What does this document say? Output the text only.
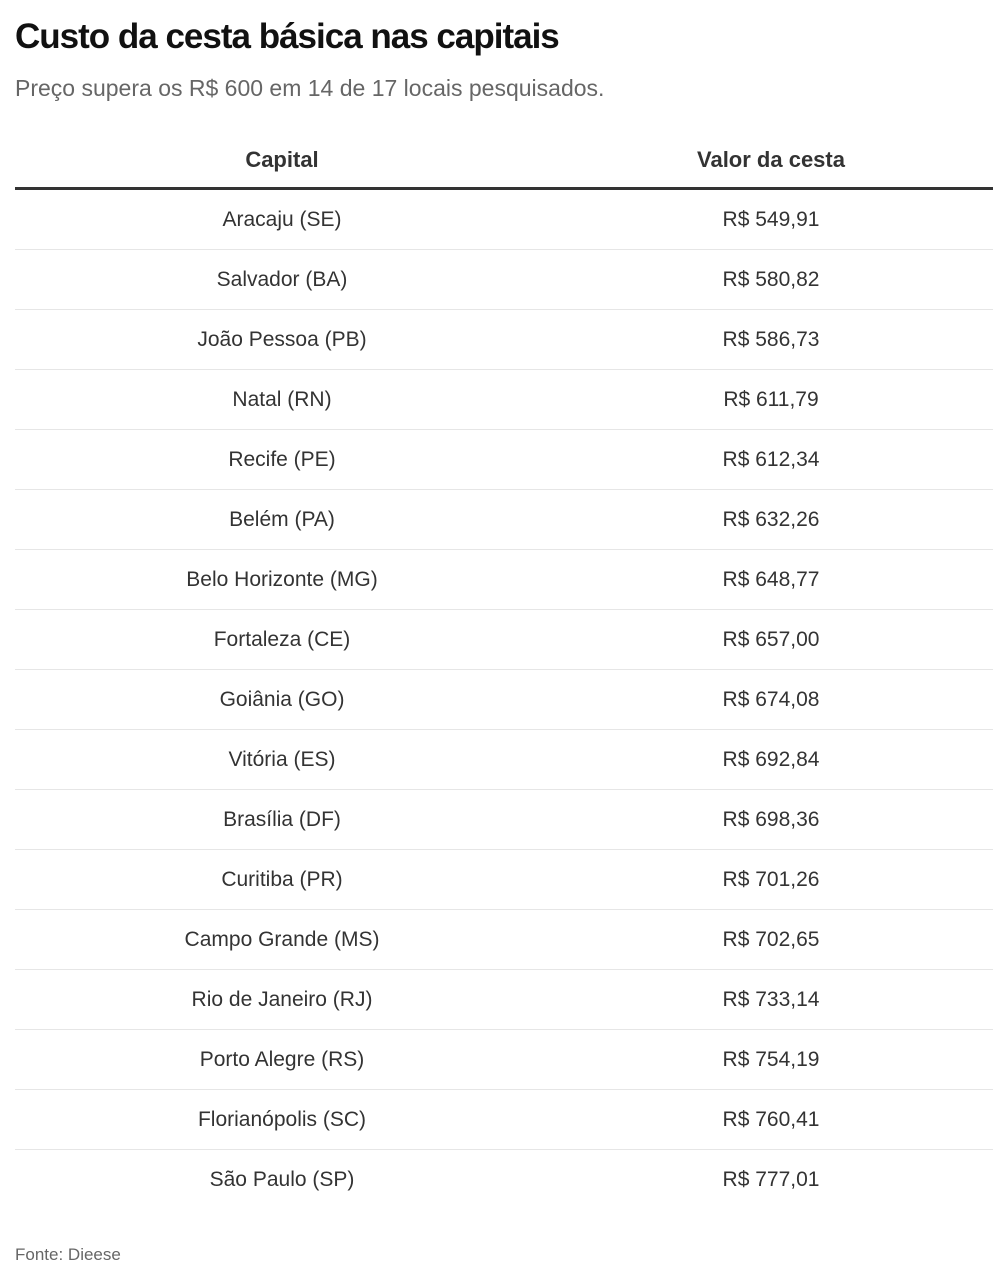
Custo da cesta básica nas capitais

Preço supera os R$ 600 em 14 de 17 locais pesquisados.

Capital	Valor da cesta
Aracaju (SE)	R$ 549,91
Salvador (BA)	R$ 580,82
João Pessoa (PB)	R$ 586,73
Natal (RN)	R$ 611,79
Recife (PE)	R$ 612,34
Belém (PA)	R$ 632,26
Belo Horizonte (MG)	R$ 648,77
Fortaleza (CE)	R$ 657,00
Goiânia (GO)	R$ 674,08
Vitória (ES)	R$ 692,84
Brasília (DF)	R$ 698,36
Curitiba (PR)	R$ 701,26
Campo Grande (MS)	R$ 702,65
Rio de Janeiro (RJ)	R$ 733,14
Porto Alegre (RS)	R$ 754,19
Florianópolis (SC)	R$ 760,41
São Paulo (SP)	R$ 777,01

Fonte: Dieese
